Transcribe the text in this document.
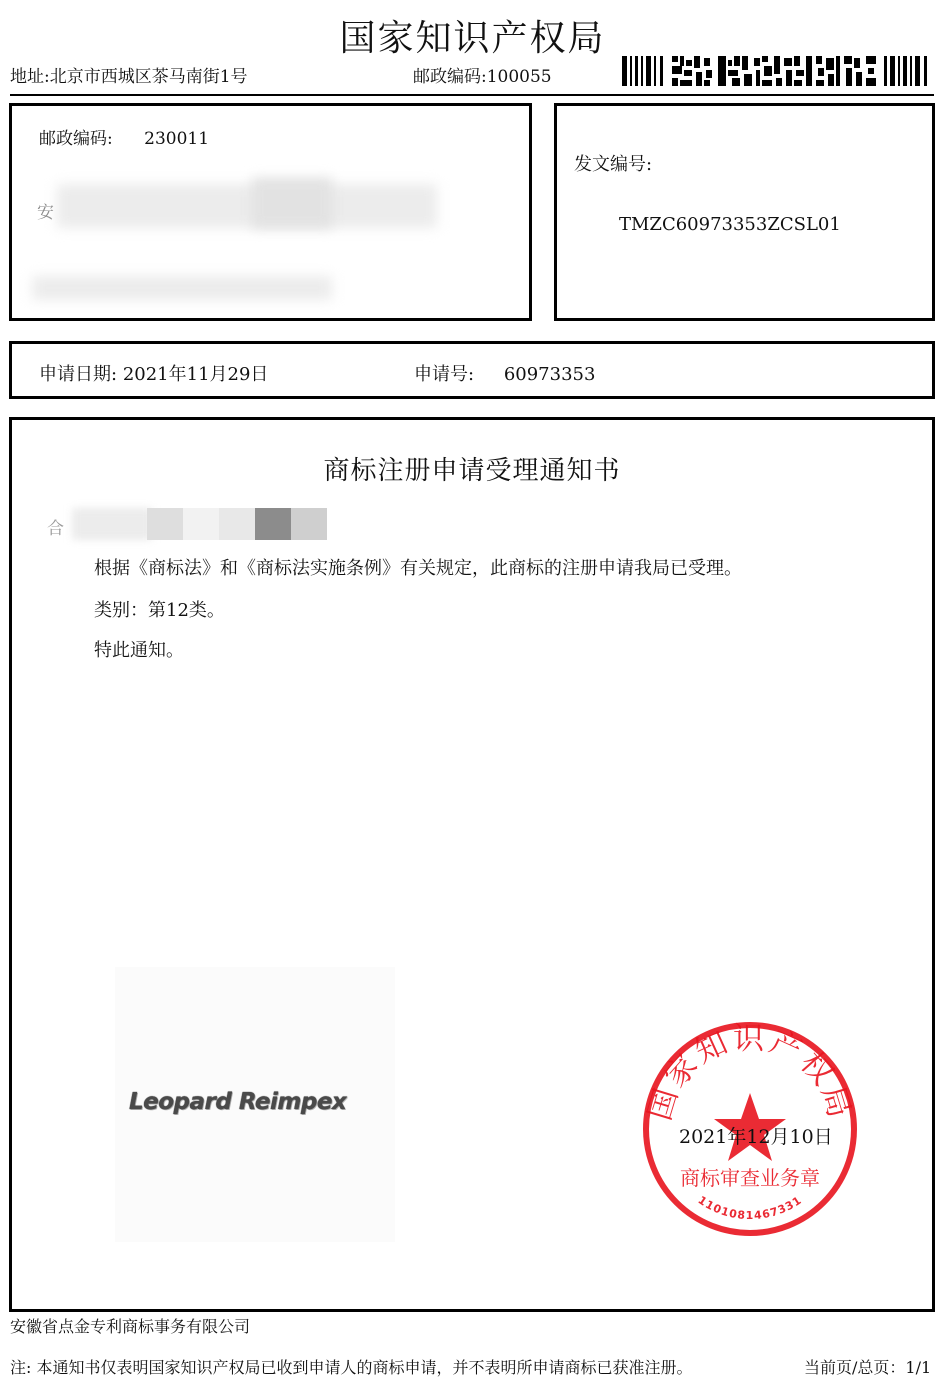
国家知识产权局
地址:北京市西城区茶马南街1号	邮政编码:100055
邮政编码: 230011
安
发文编号:
TMZC60973353ZCSL01
申请日期: 2021年11月29日	申请号: 60973353
商标注册申请受理通知书
合
根据《商标法》和《商标法实施条例》有关规定，此商标的注册申请我局已受理。
类别：第12类。
特此通知。
Leopard Reimpex	国家知识产权局
商标审查业务章
1101081467331
2021年12月10日
安徽省点金专利商标事务有限公司
注: 本通知书仅表明国家知识产权局已收到申请人的商标申请，并不表明所申请商标已获准注册。	当前页/总页：1/1
